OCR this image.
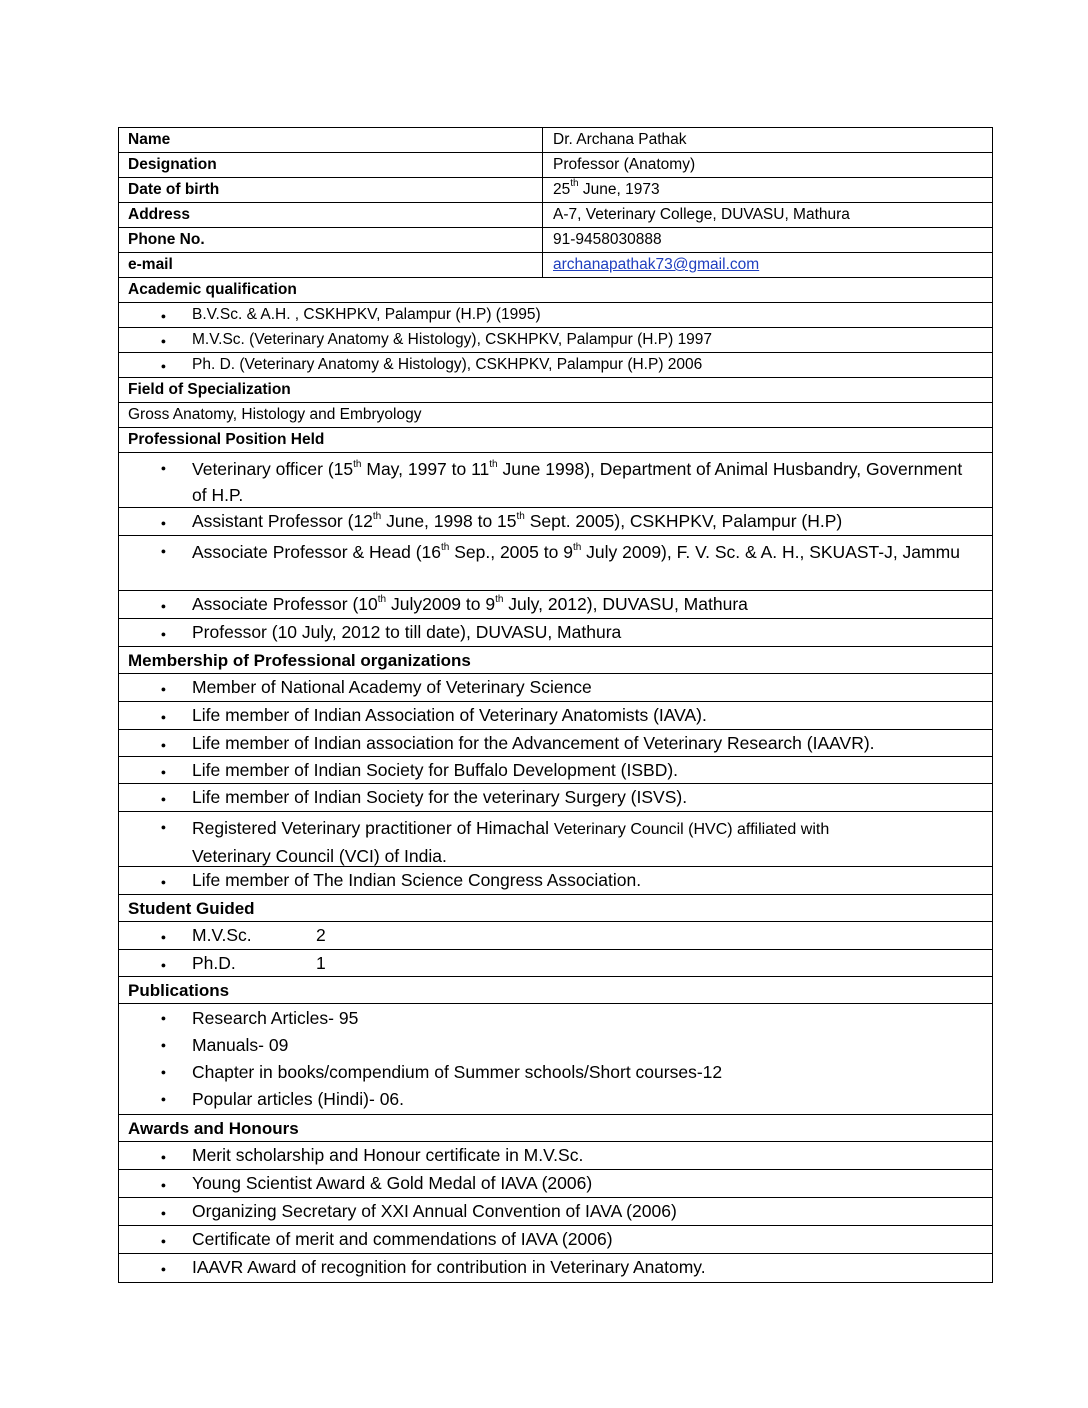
Name	Dr. Archana Pathak
Designation	Professor (Anatomy)
Date of birth	25th June, 1973
Address	A-7, Veterinary College, DUVASU, Mathura
Phone No.	91-9458030888
e-mail	archanapathak73@gmail.com
Academic qualification
●
B.V.Sc. & A.H. , CSKHPKV, Palampur (H.P) (1995)
●
M.V.Sc. (Veterinary Anatomy & Histology), CSKHPKV, Palampur (H.P) 1997
●
Ph. D. (Veterinary Anatomy & Histology), CSKHPKV, Palampur (H.P) 2006
Field of Specialization
Gross Anatomy, Histology and Embryology
Professional Position Held
●
Veterinary officer (15th May, 1997 to 11th June 1998), Department of Animal Husbandry, Government of H.P.
●
Assistant Professor (12th June, 1998 to 15th Sept. 2005), CSKHPKV, Palampur (H.P)
●
Associate Professor & Head (16th Sep., 2005 to 9th July 2009), F. V. Sc. & A. H., SKUAST-J, Jammu
●
Associate Professor (10th July2009 to 9th July, 2012), DUVASU, Mathura
●
Professor (10 July, 2012 to till date), DUVASU, Mathura
Membership of Professional organizations
●
Member of National Academy of Veterinary Science
●
Life member of Indian Association of Veterinary Anatomists (IAVA).
●
Life member of Indian association for the Advancement of Veterinary Research (IAAVR).
●
Life member of Indian Society for Buffalo Development (ISBD).
●
Life member of Indian Society for the veterinary Surgery (ISVS).
●
Registered Veterinary practitioner of Himachal Veterinary Council (HVC) affiliated with
Veterinary Council (VCI) of India.
●
Life member of The Indian Science Congress Association.
Student Guided
●
M.V.Sc.	2
●
Ph.D.	1
Publications
●
●
●
●
Research Articles- 95
Manuals- 09
Chapter in books/compendium of Summer schools/Short courses-12
Popular articles (Hindi)- 06.
Awards and Honours
●
Merit scholarship and Honour certificate in M.V.Sc.
●
Young Scientist Award & Gold Medal of IAVA (2006)
●
Organizing Secretary of XXI Annual Convention of IAVA (2006)
●
Certificate of merit and commendations of IAVA (2006)
●
IAAVR Award of recognition for contribution in Veterinary Anatomy.
